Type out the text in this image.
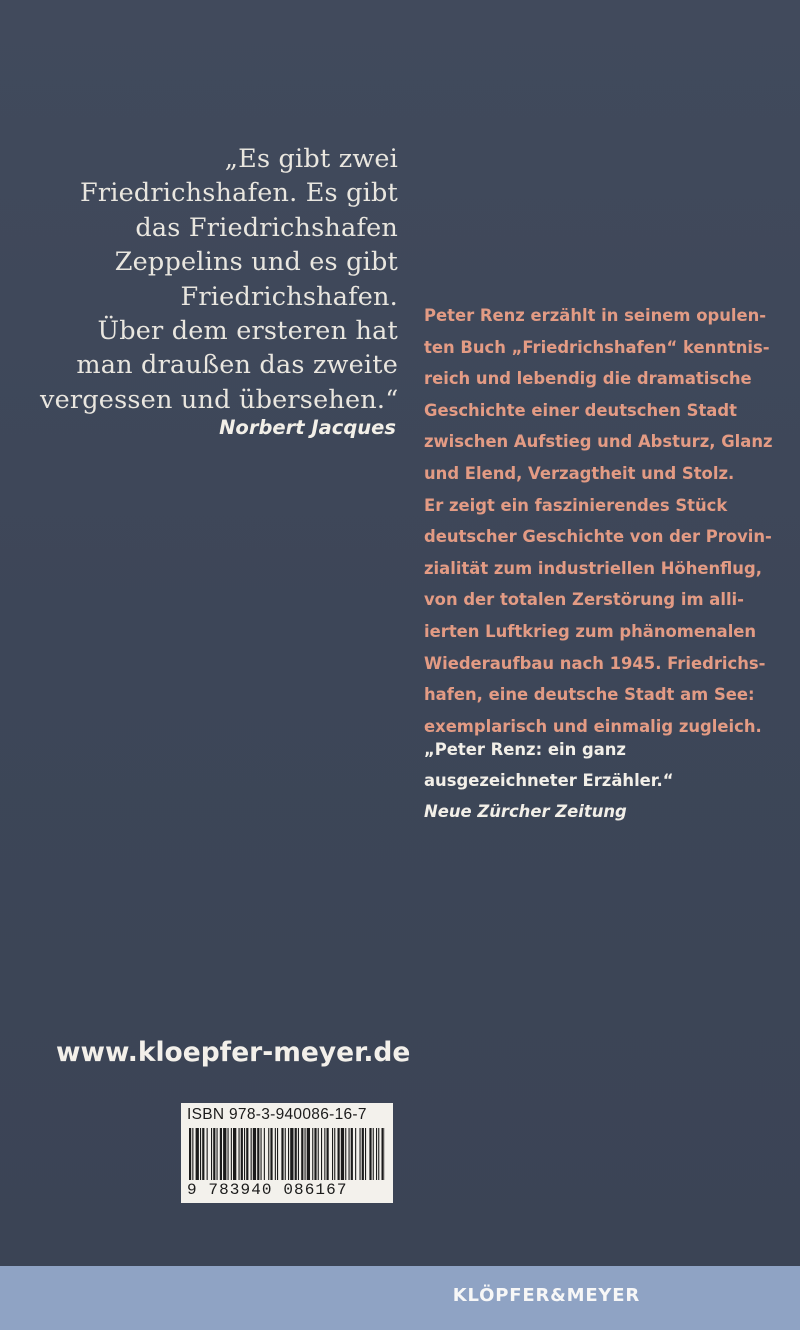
„Es gibt zwei
Friedrichshafen. Es gibt
das Friedrichshafen
Zeppelins und es gibt
Friedrichshafen.
Über dem ersteren hat
man draußen das zweite
vergessen und übersehen.“
Norbert Jacques
Peter Renz erzählt in seinem opulen-
ten Buch „Friedrichshafen“ kenntnis-
reich und lebendig die dramatische
Geschichte einer deutschen Stadt
zwischen Aufstieg und Absturz, Glanz
und Elend, Verzagtheit und Stolz.
Er zeigt ein faszinierendes Stück
deutscher Geschichte von der Provin-
zialität zum industriellen Höhenflug,
von der totalen Zerstörung im alli-
ierten Luftkrieg zum phänomenalen
Wiederaufbau nach 1945. Friedrichs-
hafen, eine deutsche Stadt am See:
exemplarisch und einmalig zugleich.
„Peter Renz: ein ganz
ausgezeichneter Erzähler.“
Neue Zürcher Zeitung
www.kloepfer-meyer.de
ISBN 978-3-940086-16-7
9 783940 086167
KLÖPFER&MEYER
